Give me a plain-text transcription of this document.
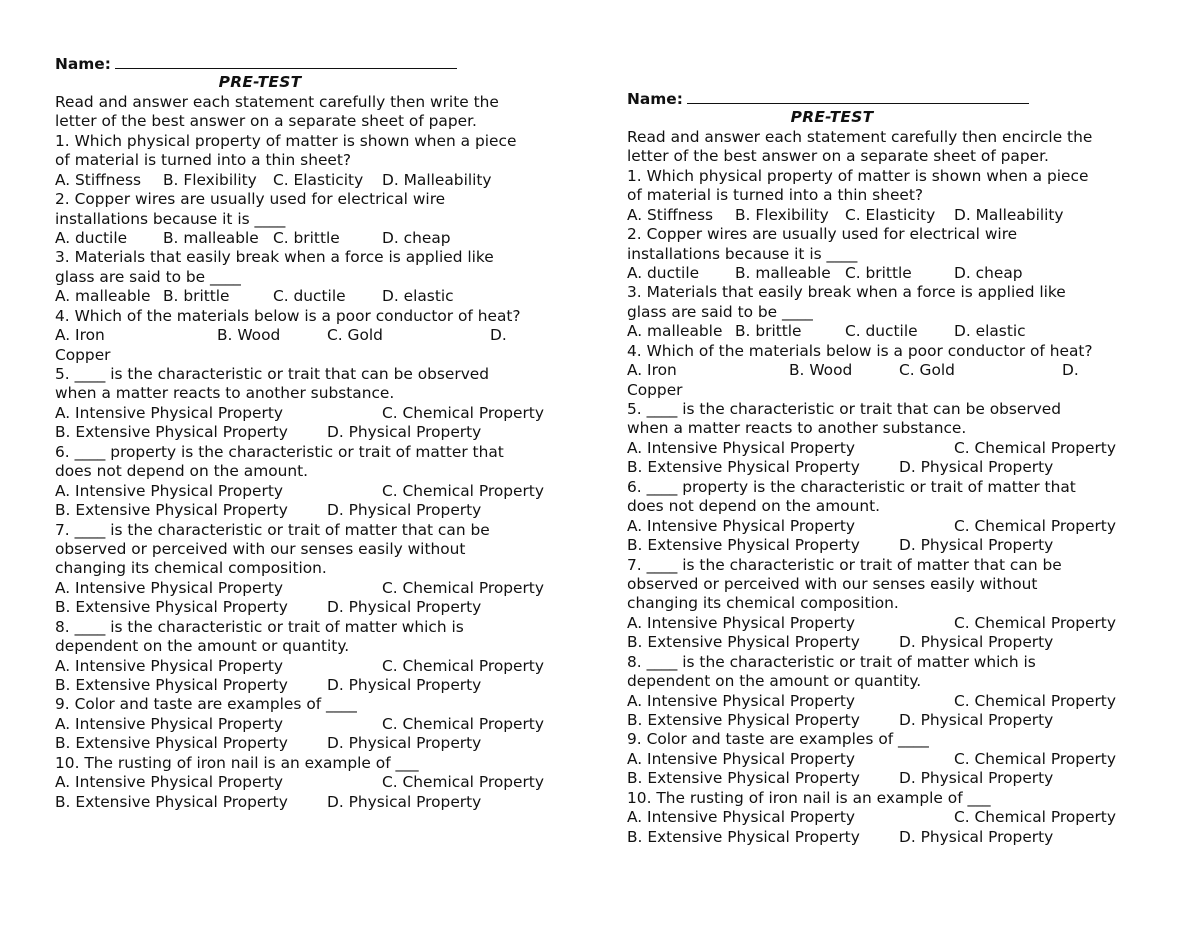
Name:
PRE-TEST
Read and answer each statement carefully then write the
letter of the best answer on a separate sheet of paper.
1. Which physical property of matter is shown when a piece
of material is turned into a thin sheet?
A. Stiffness	B. Flexibility	C. Elasticity	D. Malleability
2. Copper wires are usually used for electrical wire
installations because it is ____
A. ductile	B. malleable C. brittle	D. cheap
3. Materials that easily break when a force is applied like
glass are said to be ____
A. malleable B. brittle	C. ductile	D. elastic
4. Which of the materials below is a poor conductor of heat?
A. Iron	B. Wood	C. Gold	D.
Copper
5. ____ is the characteristic or trait that can be observed
when a matter reacts to another substance.
A. Intensive Physical Property	C. Chemical Property
B. Extensive Physical Property	D. Physical Property
6. ____ property is the characteristic or trait of matter that
does not depend on the amount.
A. Intensive Physical Property	C. Chemical Property
B. Extensive Physical Property	D. Physical Property
7. ____ is the characteristic or trait of matter that can be
observed or perceived with our senses easily without
changing its chemical composition.
A. Intensive Physical Property	C. Chemical Property
B. Extensive Physical Property	D. Physical Property
8. ____ is the characteristic or trait of matter which is
dependent on the amount or quantity.
A. Intensive Physical Property	C. Chemical Property
B. Extensive Physical Property	D. Physical Property
9. Color and taste are examples of ____
A. Intensive Physical Property	C. Chemical Property
B. Extensive Physical Property	D. Physical Property
10. The rusting of iron nail is an example of ___
A. Intensive Physical Property	C. Chemical Property
B. Extensive Physical Property	D. Physical Property
Name:
PRE-TEST
Read and answer each statement carefully then encircle the
letter of the best answer on a separate sheet of paper.
1. Which physical property of matter is shown when a piece
of material is turned into a thin sheet?
A. Stiffness	B. Flexibility	C. Elasticity	D. Malleability
2. Copper wires are usually used for electrical wire
installations because it is ____
A. ductile	B. malleable C. brittle	D. cheap
3. Materials that easily break when a force is applied like
glass are said to be ____
A. malleable B. brittle	C. ductile	D. elastic
4. Which of the materials below is a poor conductor of heat?
A. Iron	B. Wood	C. Gold	D.
Copper
5. ____ is the characteristic or trait that can be observed
when a matter reacts to another substance.
A. Intensive Physical Property	C. Chemical Property
B. Extensive Physical Property	D. Physical Property
6. ____ property is the characteristic or trait of matter that
does not depend on the amount.
A. Intensive Physical Property	C. Chemical Property
B. Extensive Physical Property	D. Physical Property
7. ____ is the characteristic or trait of matter that can be
observed or perceived with our senses easily without
changing its chemical composition.
A. Intensive Physical Property	C. Chemical Property
B. Extensive Physical Property	D. Physical Property
8. ____ is the characteristic or trait of matter which is
dependent on the amount or quantity.
A. Intensive Physical Property	C. Chemical Property
B. Extensive Physical Property	D. Physical Property
9. Color and taste are examples of ____
A. Intensive Physical Property	C. Chemical Property
B. Extensive Physical Property	D. Physical Property
10. The rusting of iron nail is an example of ___
A. Intensive Physical Property	C. Chemical Property
B. Extensive Physical Property	D. Physical Property
